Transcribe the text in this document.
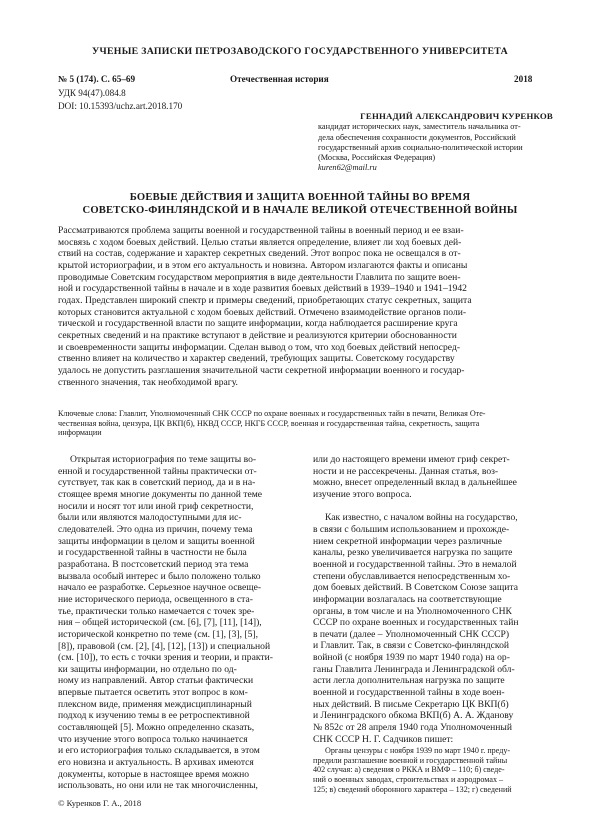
УЧЕНЫЕ ЗАПИСКИ ПЕТРОЗАВОДСКОГО ГОСУДАРСТВЕННОГО УНИВЕРСИТЕТА
№ 5 (174). С. 65–69	Отечественная история	2018
УДК 94(47).084.8
DOI: 10.15393/uchz.art.2018.170
ГЕННАДИЙ АЛЕКСАНДРОВИЧ КУРЕНКОВ
кандидат исторических наук, заместитель начальника от-
дела обеспечения сохранности документов, Российский
государственный архив социально-политической истории
(Москва, Российская Федерация)
kuren62@mail.ru
БОЕВЫЕ ДЕЙСТВИЯ И ЗАЩИТА ВОЕННОЙ ТАЙНЫ ВО ВРЕМЯ
СОВЕТСКО-ФИНЛЯНДСКОЙ И В НАЧАЛЕ ВЕЛИКОЙ ОТЕЧЕСТВЕННОЙ ВОЙНЫ
Рассматриваются проблема защиты военной и государственной тайны в военный период и ее взаи-
мосвязь с ходом боевых действий. Целью статьи является определение, влияет ли ход боевых дей-
ствий на состав, содержание и характер секретных сведений. Этот вопрос пока не освещался в от-
крытой историографии, и в этом его актуальность и новизна. Автором излагаются факты и описаны
проводимые Советским государством мероприятия в виде деятельности Главлита по защите воен-
ной и государственной тайны в начале и в ходе развития боевых действий в 1939–1940 и 1941–1942
годах. Представлен широкий спектр и примеры сведений, приобретающих статус секретных, защита
которых становится актуальной с ходом боевых действий. Отмечено взаимодействие органов поли-
тической и государственной власти по защите информации, когда наблюдается расширение круга
секретных сведений и на практике вступают в действие и реализуются критерии обоснованности
и своевременности защиты информации. Сделан вывод о том, что ход боевых действий непосред-
ственно влияет на количество и характер сведений, требующих защиты. Советскому государству
удалось не допустить разглашения значительной части секретной информации военного и государ-
ственного значения, так необходимой врагу.
Ключевые слова: Главлит, Уполномоченный СНК СССР по охране военных и государственных тайн в печати, Великая Оте-
чественная война, цензура, ЦК ВКП(б), НКВД СССР, НКГБ СССР, военная и государственная тайна, секретность, защита
информации
Открытая историография по теме защиты во-
енной и государственной тайны практически от-
сутствует, так как в советский период, да и в на-
стоящее время многие документы по данной теме
носили и носят тот или иной гриф секретности,
были или являются малодоступными для ис-
следователей. Это одна из причин, почему тема
защиты информации в целом и защиты военной
и государственной тайны в частности не была
разработана. В постсоветский период эта тема
вызвала особый интерес и было положено только
начало ее разработке. Серьезное научное освеще-
ние исторического периода, освещенного в ста-
тье, практически только намечается с точек зре-
ния – общей исторической (см. [6], [7], [11], [14]),
исторической конкретно по теме (см. [1], [3], [5],
[8]), правовой (см. [2], [4], [12], [13]) и специальной
(см. [10]), то есть с точки зрения и теории, и практи-
ки защиты информации, но отдельно по од-
ному из направлений. Автор статьи фактически
впервые пытается осветить этот вопрос в ком-
плексном виде, применяя междисциплинарный
подход к изучению темы в ее ретроспективной
составляющей [5]. Можно определенно сказать,
что изучение этого вопроса только начинается
и его историография только складывается, в этом
его новизна и актуальность. В архивах имеются
документы, которые в настоящее время можно
использовать, но они или не так многочисленны,
или до настоящего времени имеют гриф секрет-
ности и не рассекречены. Данная статья, воз-
можно, внесет определенный вклад в дальнейшее
изучение этого вопроса.
Как известно, с началом войны на государство,
в связи с большим использованием и прохожде-
нием секретной информации через различные
каналы, резко увеличивается нагрузка по защите
военной и государственной тайны. Это в немалой
степени обуславливается непосредственным хо-
дом боевых действий. В Советском Союзе защита
информации возлагалась на соответствующие
органы, в том числе и на Уполномоченного СНК
СССР по охране военных и государственных тайн
в печати (далее – Уполномоченный СНК СССР)
и Главлит. Так, в связи с Советско-финляндской
войной (с ноября 1939 по март 1940 года) на ор-
ганы Главлита Ленинграда и Ленинградской обл-
асти легла дополнительная нагрузка по защите
военной и государственной тайны в ходе воен-
ных действий. В письме Секретарю ЦК ВКП(б)
и Ленинградского обкома ВКП(б) А. А. Жданову
№ 852с от 28 апреля 1940 года Уполномоченный
СНК СССР Н. Г. Садчиков пишет:
Органы цензуры с ноября 1939 по март 1940 г. преду-
предили разглашение военной и государственной тайны
402 случая: а) сведения о РККА и ВМФ – 110; б) сведе-
ний о военных заводах, строительствах и аэродромах –
125; в) сведений оборонного характера – 132; г) сведений
© Куренков Г. А., 2018
